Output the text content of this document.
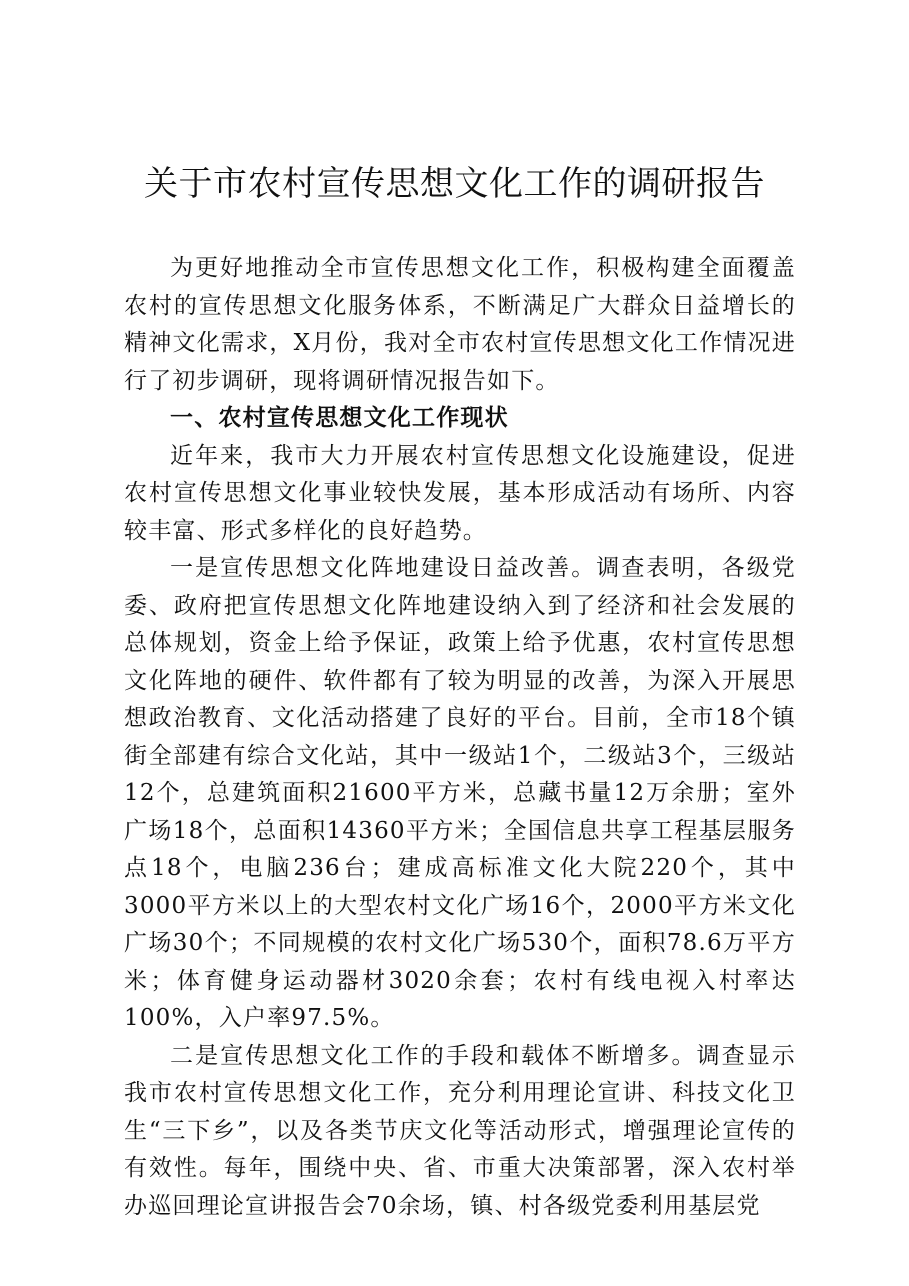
关于市农村宣传思想文化工作的调研报告

为更好地推动全市宣传思想文化工作，积极构建全面覆盖农村的宣传思想文化服务体系，不断满足广大群众日益增长的精神文化需求，X月份，我对全市农村宣传思想文化工作情况进行了初步调研，现将调研情况报告如下。

一、农村宣传思想文化工作现状

近年来，我市大力开展农村宣传思想文化设施建设，促进农村宣传思想文化事业较快发展，基本形成活动有场所、内容较丰富、形式多样化的良好趋势。

一是宣传思想文化阵地建设日益改善。调查表明，各级党委、政府把宣传思想文化阵地建设纳入到了经济和社会发展的总体规划，资金上给予保证，政策上给予优惠，农村宣传思想文化阵地的硬件、软件都有了较为明显的改善，为深入开展思想政治教育、文化活动搭建了良好的平台。目前，全市18个镇街全部建有综合文化站，其中一级站1个，二级站3个，三级站12个，总建筑面积21600平方米，总藏书量12万余册；室外广场18个，总面积14360平方米；全国信息共享工程基层服务点18个，电脑236台；建成高标准文化大院220个，其中3000平方米以上的大型农村文化广场16个，2000平方米文化广场30个；不同规模的农村文化广场530个，面积78.6万平方米；体育健身运动器材3020余套；农村有线电视入村率达100%，入户率97.5%。

二是宣传思想文化工作的手段和载体不断增多。调查显示我市农村宣传思想文化工作，充分利用理论宣讲、科技文化卫生“三下乡”，以及各类节庆文化等活动形式，增强理论宣传的有效性。每年，围绕中央、省、市重大决策部署，深入农村举办巡回理论宣讲报告会70余场，镇、村各级党委利用基层党
